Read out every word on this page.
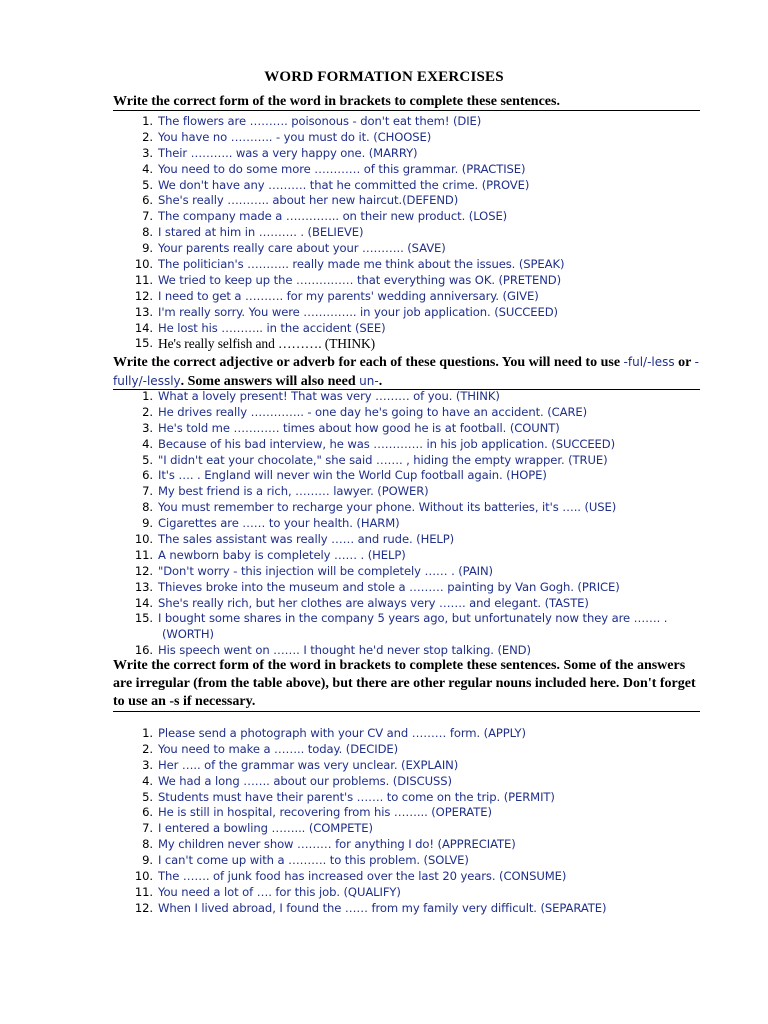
WORD FORMATION EXERCISES
Write the correct form of the word in brackets to complete these sentences.
1. The flowers are ………. poisonous - don't eat them! (DIE)
2. You have no ……….. - you must do it. (CHOOSE)
3. Their ……….. was a very happy one. (MARRY)
4. You need to do some more ………… of this grammar. (PRACTISE)
5. We don't have any ………. that he committed the crime. (PROVE)
6. She's really ……….. about her new haircut.(DEFEND)
7. The company made a ………….. on their new product. (LOSE)
8. I stared at him in ………. . (BELIEVE)
9. Your parents really care about your ……….. (SAVE)
10. The politician's ……….. really made me think about the issues. (SPEAK)
11. We tried to keep up the …………… that everything was OK. (PRETEND)
12. I need to get a ………. for my parents' wedding anniversary. (GIVE)
13. I'm really sorry. You were ………….. in your job application. (SUCCEED)
14. He lost his ……….. in the accident (SEE)
15. He's really selfish and ………. (THINK)
Write the correct adjective or adverb for each of these questions. You will need to use -ful/-less or -fully/-lessly. Some answers will also need un-.
1. What a lovely present! That was very ……… of you. (THINK)
2. He drives really ………….. - one day he's going to have an accident. (CARE)
3. He's told me ………… times about how good he is at football. (COUNT)
4. Because of his bad interview, he was …………. in his job application. (SUCCEED)
5. "I didn't eat your chocolate," she said ……. , hiding the empty wrapper. (TRUE)
6. It's …. . England will never win the World Cup football again. (HOPE)
7. My best friend is a rich, ……… lawyer. (POWER)
8. You must remember to recharge your phone. Without its batteries, it's ….. (USE)
9. Cigarettes are …… to your health. (HARM)
10. The sales assistant was really …… and rude. (HELP)
11. A newborn baby is completely …… . (HELP)
12. "Don't worry - this injection will be completely …… . (PAIN)
13. Thieves broke into the museum and stole a ……… painting by Van Gogh. (PRICE)
14. She's really rich, but her clothes are always very ……. and elegant. (TASTE)
15. I bought some shares in the company 5 years ago, but unfortunately now they are ……. .
(WORTH)
16. His speech went on ……. I thought he'd never stop talking. (END)
Write the correct form of the word in brackets to complete these sentences. Some of the answers are irregular (from the table above), but there are other regular nouns included here. Don't forget to use an -s if necessary.
1. Please send a photograph with your CV and ……… form. (APPLY)
2. You need to make a …….. today. (DECIDE)
3. Her ….. of the grammar was very unclear. (EXPLAIN)
4. We had a long ……. about our problems. (DISCUSS)
5. Students must have their parent's ……. to come on the trip. (PERMIT)
6. He is still in hospital, recovering from his ……... (OPERATE)
7. I entered a bowling ……... (COMPETE)
8. My children never show ……… for anything I do! (APPRECIATE)
9. I can't come up with a ………. to this problem. (SOLVE)
10. The ……. of junk food has increased over the last 20 years. (CONSUME)
11. You need a lot of …. for this job. (QUALIFY)
12. When I lived abroad, I found the …… from my family very difficult. (SEPARATE)
